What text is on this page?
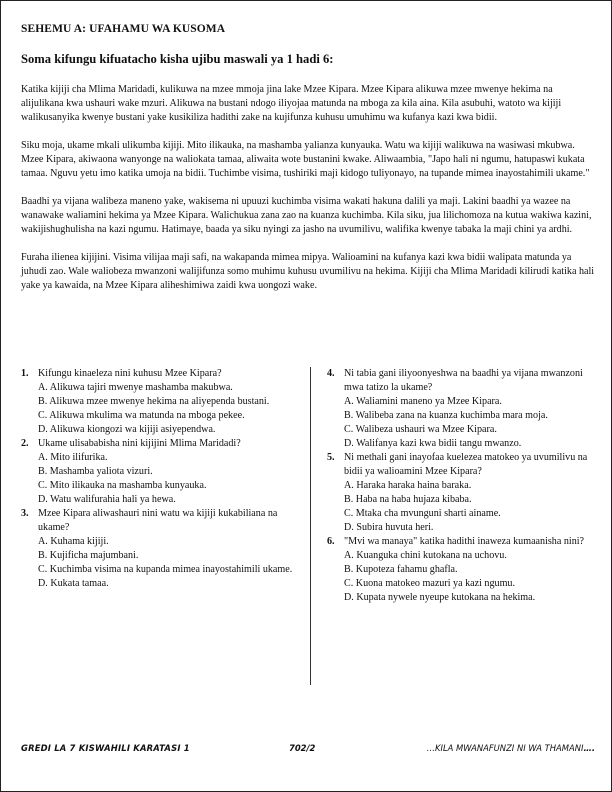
SEHEMU A: UFAHAMU WA KUSOMA
Soma kifungu kifuatacho kisha ujibu maswali ya 1 hadi 6:

Katika kijiji cha Mlima Maridadi, kulikuwa na mzee mmoja jina lake Mzee Kipara. Mzee Kipara alikuwa mzee mwenye hekima na alijulikana kwa ushauri wake mzuri. Alikuwa na bustani ndogo iliyojaa matunda na mboga za kila aina. Kila asubuhi, watoto wa kijiji walikusanyika kwenye bustani yake kusikiliza hadithi zake na kujifunza kuhusu umuhimu wa kufanya kazi kwa bidii.

Siku moja, ukame mkali ulikumba kijiji. Mito ilikauka, na mashamba yalianza kunyauka. Watu wa kijiji walikuwa na wasiwasi mkubwa. Mzee Kipara, akiwaona wanyonge na waliokata tamaa, aliwaita wote bustanini kwake. Aliwaambia, "Japo hali ni ngumu, hatupaswi kukata tamaa. Nguvu yetu imo katika umoja na bidii. Tuchimbe visima, tushiriki maji kidogo tuliyonayo, na tupande mimea inayostahimili ukame."

Baadhi ya vijana walibeza maneno yake, wakisema ni upuuzi kuchimba visima wakati hakuna dalili ya maji. Lakini baadhi ya wazee na wanawake waliamini hekima ya Mzee Kipara. Walichukua zana zao na kuanza kuchimba. Kila siku, jua lilichomoza na kutua wakiwa kazini, wakijishughulisha na kazi ngumu. Hatimaye, baada ya siku nyingi za jasho na uvumilivu, walifika kwenye tabaka la maji chini ya ardhi.

Furaha ilienea kijijini. Visima vilijaa maji safi, na wakapanda mimea mipya. Walioamini na kufanya kazi kwa bidii walipata matunda ya juhudi zao. Wale waliobeza mwanzoni walijifunza somo muhimu kuhusu uvumilivu na hekima. Kijiji cha Mlima Maridadi kilirudi katika hali yake ya kawaida, na Mzee Kipara aliheshimiwa zaidi kwa uongozi wake.

1. Kifungu kinaeleza nini kuhusu Mzee Kipara?
A. Alikuwa tajiri mwenye mashamba makubwa.
B. Alikuwa mzee mwenye hekima na aliyependa bustani.
C. Alikuwa mkulima wa matunda na mboga pekee.
D. Alikuwa kiongozi wa kijiji asiyependwa.
2. Ukame ulisababisha nini kijijini Mlima Maridadi?
A. Mito ilifurika.
B. Mashamba yaliota vizuri.
C. Mito ilikauka na mashamba kunyauka.
D. Watu walifurahia hali ya hewa.
3. Mzee Kipara aliwashauri nini watu wa kijiji kukabiliana na ukame?
A. Kuhama kijiji.
B. Kujificha majumbani.
C. Kuchimba visima na kupanda mimea inayostahimili ukame.
D. Kukata tamaa.
4. Ni tabia gani iliyoonyeshwa na baadhi ya vijana mwanzoni mwa tatizo la ukame?
A. Waliamini maneno ya Mzee Kipara.
B. Walibeba zana na kuanza kuchimba mara moja.
C. Walibeza ushauri wa Mzee Kipara.
D. Walifanya kazi kwa bidii tangu mwanzo.
5. Ni methali gani inayofaa kuelezea matokeo ya uvumilivu na bidii ya walioamini Mzee Kipara?
A. Haraka haraka haina baraka.
B. Haba na haba hujaza kibaba.
C. Mtaka cha mvunguni sharti ainame.
D. Subira huvuta heri.
6. "Mvi wa manaya" katika hadithi inaweza kumaanisha nini?
A. Kuanguka chini kutokana na uchovu.
B. Kupoteza fahamu ghafla.
C. Kuona matokeo mazuri ya kazi ngumu.
D. Kupata nywele nyeupe kutokana na hekima.
GREDI LA 7 KISWAHILI KARATASI 1	702/2	…KILA MWANAFUNZI NI WA THAMANI….
